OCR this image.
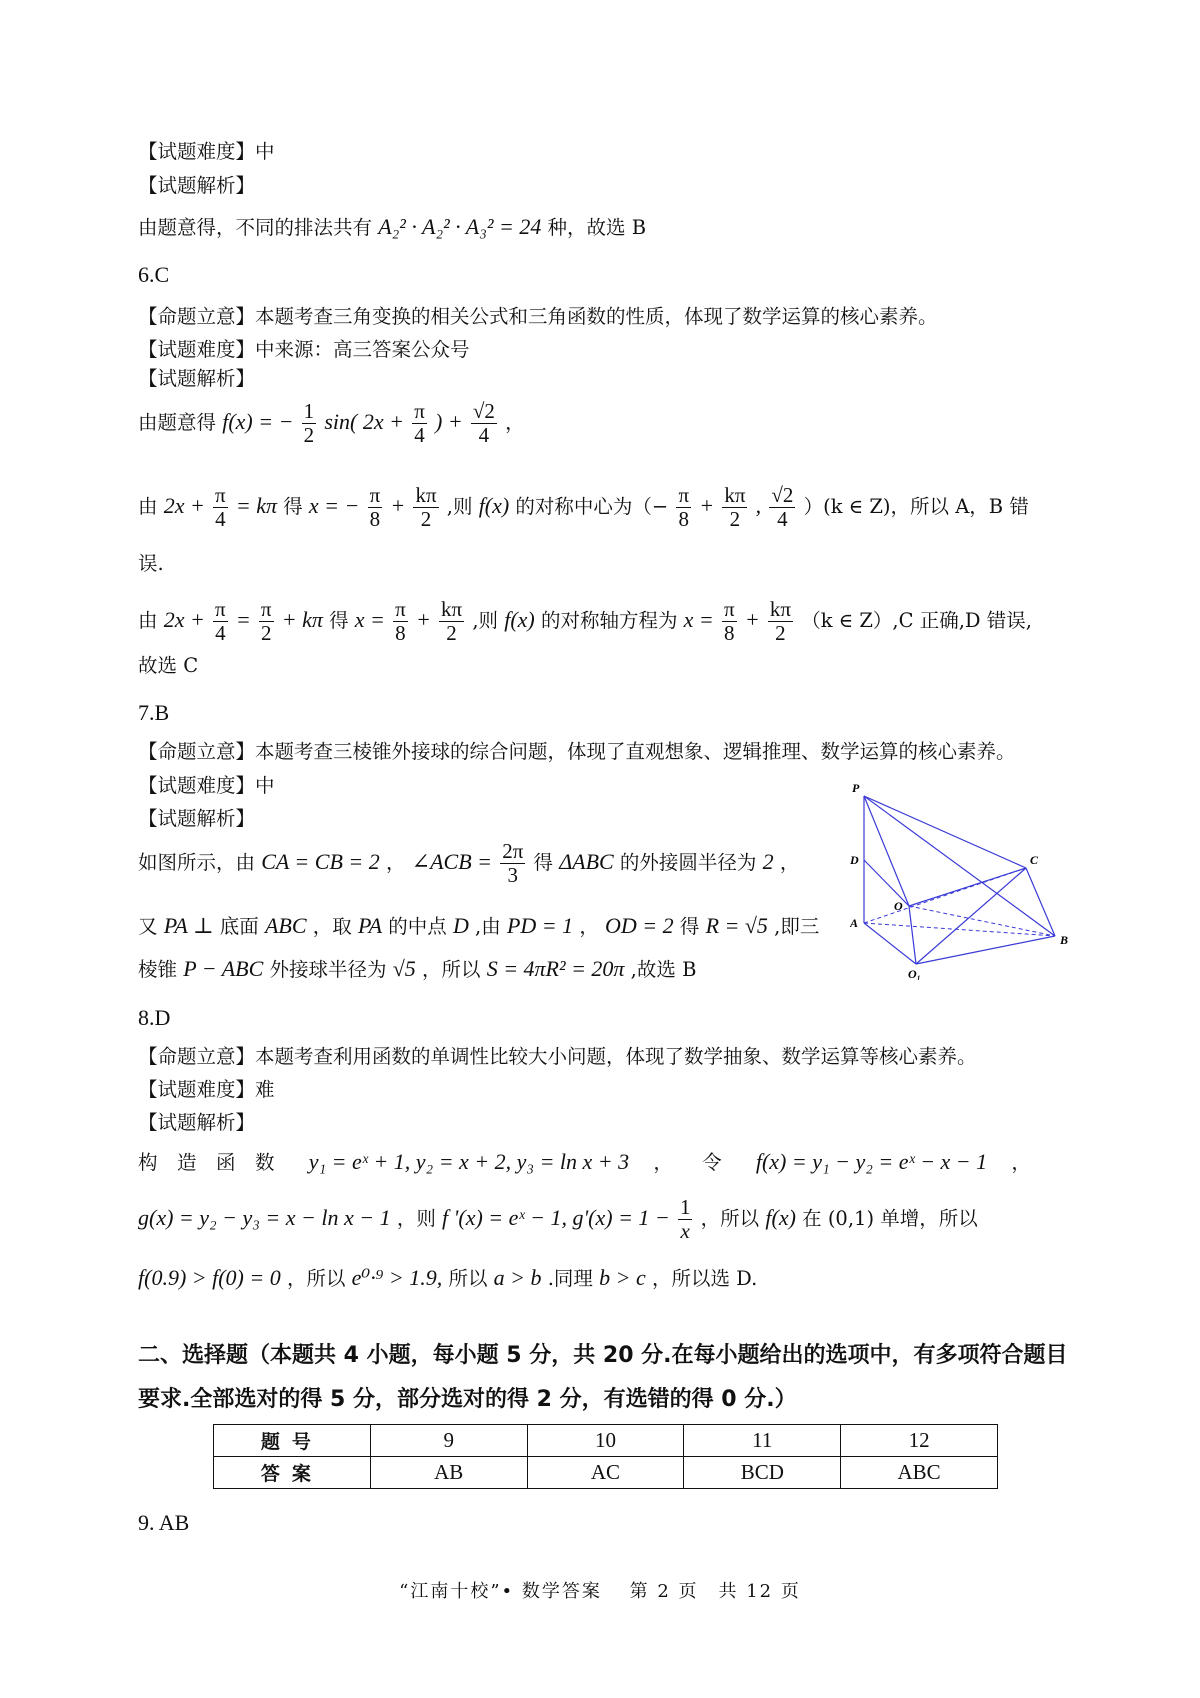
【试题难度】中
【试题解析】
由题意得，不同的排法共有 A₂² · A₂² · A₃² = 24 种，故选 B
6.C
【命题立意】本题考查三角变换的相关公式和三角函数的性质，体现了数学运算的核心素养。
【试题难度】中来源：高三答案公众号
【试题解析】
由题意得 f(x) = − $\frac{1}{2} \sin$( $2x + \frac{\pi}{4}$ ) + $\frac{√2}{4}$ ，
由 $2x + \frac{\pi}{4} = k\pi$ 得 x = − $\frac{\pi}{8} + \frac{k\pi}{2}$ ,则 f(x) 的对称中心为（− $\frac{\pi}{8} + \frac{k\pi}{2}$ , $\frac{√2}{4} )(k$ ∈ Z)，所以 A，B 错
误.
由 $2x + \frac{\pi}{4} = \frac{\pi}{2} + k\pi$ 得 $x = \frac{\pi}{8} + \frac{k\pi}{2}$ ,则 f(x) 的对称轴方程为 $x = \frac{\pi}{8} + \frac{k\pi}{2} (k$ ∈ Z）,C 正确,D 错误,
故选 C
7.B
【命题立意】本题考查三棱锥外接球的综合问题，体现了直观想象、逻辑推理、数学运算的核心素养。
【试题难度】中
【试题解析】
如图所示，由 CA = CB = 2 ， ∠ACB = $\frac{2\pi}{3}$ 得 ΔABC 的外接圆半径为 2 ，
又 PA ⊥ 底面 ABC ，取 PA 的中点 D ,由 PD = 1 ， OD = 2 得 R = √5 ,即三
棱锥 P − ABC 外接球半径为 √5 ，所以 S = 4πR² = 20π ,故选 B
P
D	C
O
A
B
O₁
8.D
【命题立意】本题考查利用函数的单调性比较大小问题，体现了数学抽象、数学运算等核心素养。
【试题难度】难
【试题解析】
构　造　函　数 y₁ = eˣ + 1, y₂ = x + 2, y₃ = ln x + 3 ，　　令 f(x) = y₁ − y₂ = eˣ − x − 1 ，
g(x) = y₂ − y₃ = x − ln x − 1 ，则 f '(x) = eˣ − 1, $g'(x) = 1 - \frac{1}{x}$ ，所以 f(x) 在 (0,1) 单增，所以
f(0.9) > f(0) = 0 ，所以 e⁰·⁹ > 1.9, 所以 a > b .同理 b > c ，所以选 D.
二、选择题（本题共 4 小题，每小题 5 分，共 20 分.在每小题给出的选项中，有多项符合题目要求.全部选对的得 5 分，部分选对的得 2 分，有选错的得 0 分.）
题号	9	10	11	12
答案	AB	AC	BCD	ABC
9. AB
“江南十校”• 数学答案　 第 2 页　共 12 页
